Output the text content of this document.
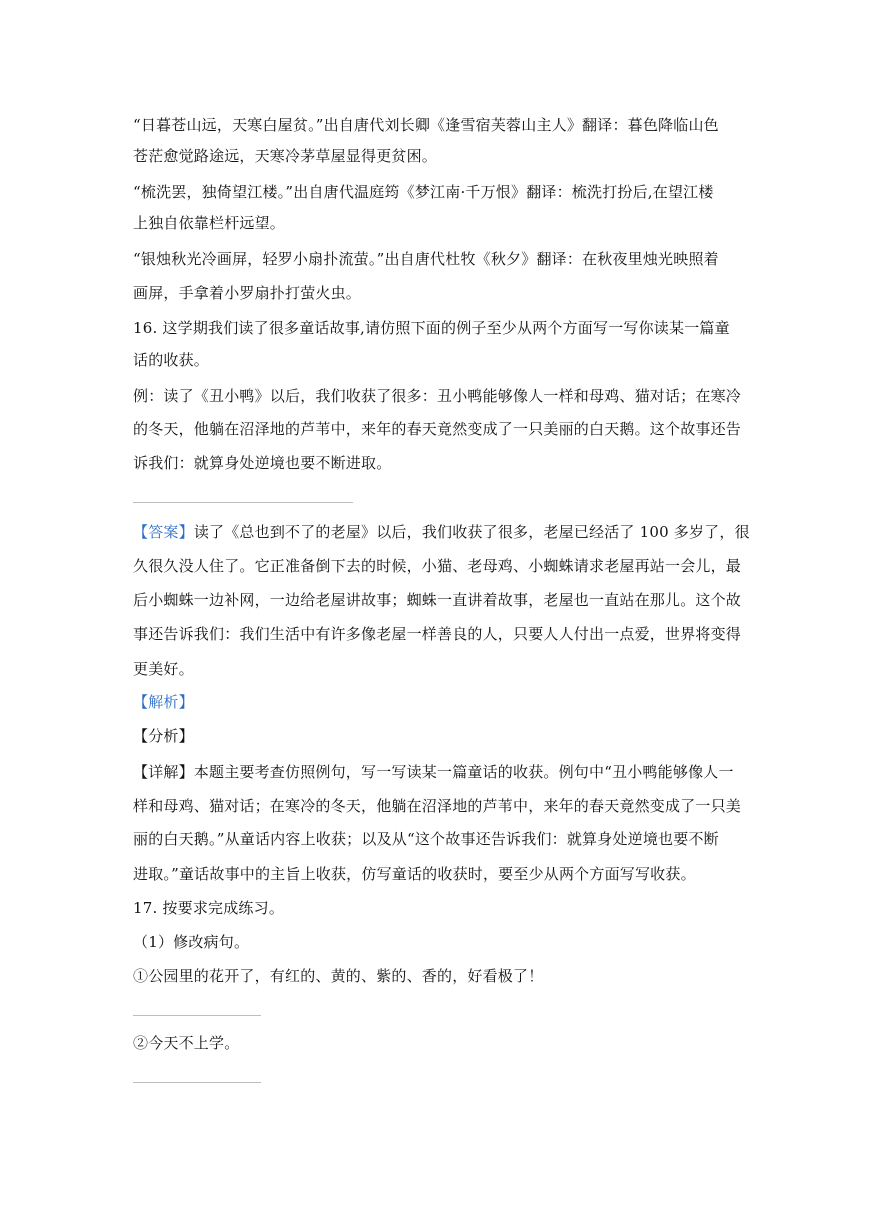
“日暮苍山远，天寒白屋贫。”出自唐代刘长卿《逢雪宿芙蓉山主人》翻译：暮色降临山色
苍茫愈觉路途远，天寒冷茅草屋显得更贫困。
“梳洗罢，独倚望江楼。”出自唐代温庭筠《梦江南·千万恨》翻译：梳洗打扮后,在望江楼
上独自依靠栏杆远望。
“银烛秋光冷画屏，轻罗小扇扑流萤。”出自唐代杜牧《秋夕》翻译：在秋夜里烛光映照着
画屏，手拿着小罗扇扑打萤火虫。
16. 这学期我们读了很多童话故事,请仿照下面的例子至少从两个方面写一写你读某一篇童
话的收获。
例：读了《丑小鸭》以后，我们收获了很多：丑小鸭能够像人一样和母鸡、猫对话；在寒冷
的冬天，他躺在沼泽地的芦苇中，来年的春天竟然变成了一只美丽的白天鹅。这个故事还告
诉我们：就算身处逆境也要不断进取。
【答案】读了《总也到不了的老屋》以后，我们收获了很多，老屋已经活了 100 多岁了，很
久很久没人住了。它正准备倒下去的时候，小猫、老母鸡、小蜘蛛请求老屋再站一会儿，最
后小蜘蛛一边补网，一边给老屋讲故事；蜘蛛一直讲着故事，老屋也一直站在那儿。这个故
事还告诉我们：我们生活中有许多像老屋一样善良的人，只要人人付出一点爱，世界将变得
更美好。
【解析】
【分析】
【详解】本题主要考查仿照例句，写一写读某一篇童话的收获。例句中“丑小鸭能够像人一
样和母鸡、猫对话；在寒冷的冬天，他躺在沼泽地的芦苇中，来年的春天竟然变成了一只美
丽的白天鹅。”从童话内容上收获；以及从“这个故事还告诉我们：就算身处逆境也要不断
进取。”童话故事中的主旨上收获，仿写童话的收获时，要至少从两个方面写写收获。
17. 按要求完成练习。
（1）修改病句。
①公园里的花开了，有红的、黄的、紫的、香的，好看极了！
②今天不上学。
